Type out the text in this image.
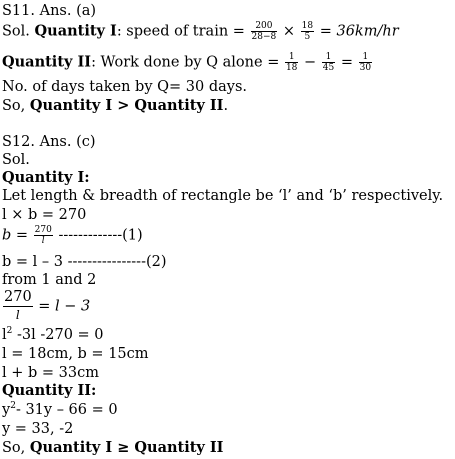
S11. Ans. (a)
Sol. Quantity I: speed of train = $\frac{200}{28-8} \times \frac{18}{5} = 36km/hr$
Quantity II: Work done by Q alone = $\frac{1}{18} - \frac{1}{45} = \frac{1}{30}$
No. of days taken by Q= 30 days.
So, Quantity I > Quantity II.
S12. Ans. (c)
Sol.
Quantity I:
Let length & breadth of rectangle be ‘l’ and ‘b’ respectively.
l × b = 270
$b = \frac{270}{l} -------------(1)$
b = l – 3 ----------------(2)
from 1 and 2
$\frac{270}{l} = l - 3$
$l^2$ -3l -270 = 0
l = 18cm, b = 15cm
l + b = 33cm
Quantity II:
$y^2-$ 31y – 66 = 0
y = 33, -2
So, Quantity I ≥ Quantity II
